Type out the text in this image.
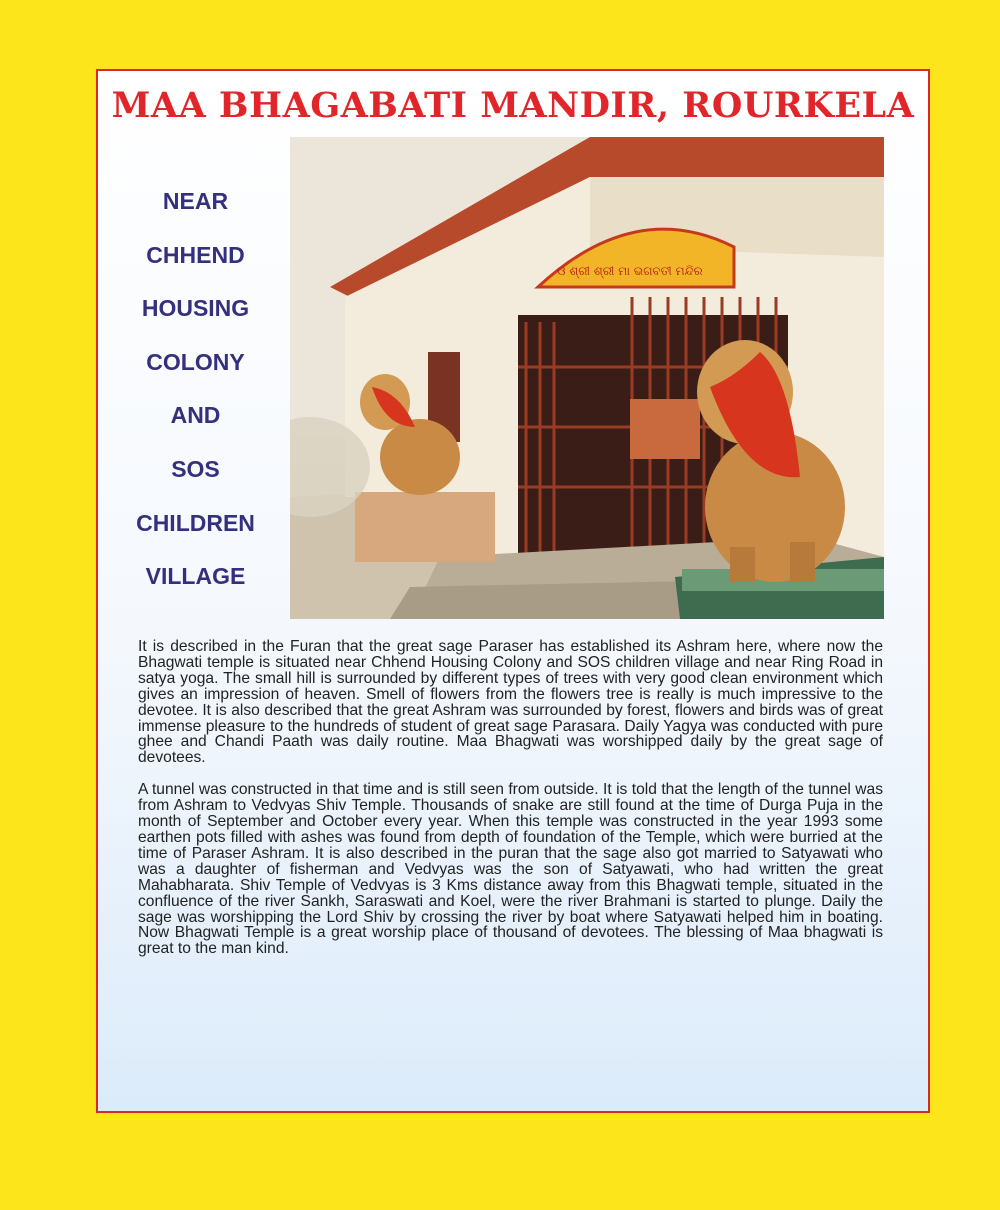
MAA BHAGABATI MANDIR, ROURKELA
NEAR
CHHEND
HOUSING
COLONY
AND
SOS
CHILDREN
VILLAGE
ଓ ଶ୍ରୀ ଶ୍ରୀ ମା ଭଗବତୀ ମନ୍ଦିର

It is described in the Furan that the great sage Paraser has established its Ashram here, where now the Bhagwati temple is situated near Chhend Housing Colony and SOS children village and near Ring Road in satya yoga. The small hill is surrounded by different types of trees with very good clean environment which gives an impression of heaven. Smell of flowers from the flowers tree is really is much impressive to the devotee. It is also described that the great Ashram was surrounded by forest, flowers and birds was of great immense pleasure to the hundreds of student of great sage Parasara. Daily Yagya was conducted with pure ghee and Chandi Paath was daily routine. Maa Bhagwati was worshipped daily by the great sage of devotees.

A tunnel was constructed in that time and is still seen from outside. It is told that the length of the tunnel was from Ashram to Vedvyas Shiv Temple. Thousands of snake are still found at the time of Durga Puja in the month of September and October every year. When this temple was constructed in the year 1993 some earthen pots filled with ashes was found from depth of foundation of the Temple, which were burried at the time of Paraser Ashram. It is also described in the puran that the sage also got married to Satyawati who was a daughter of fisherman and Vedvyas was the son of Satyawati, who had written the great Mahabharata. Shiv Temple of Vedvyas is 3 Kms distance away from this Bhagwati temple, situated in the confluence of the river Sankh, Saraswati and Koel, were the river Brahmani is started to plunge. Daily the sage was worshipping the Lord Shiv by crossing the river by boat where Satyawati helped him in boating. Now Bhagwati Temple is a great worship place of thousand of devotees. The blessing of Maa bhagwati is great to the man kind.
